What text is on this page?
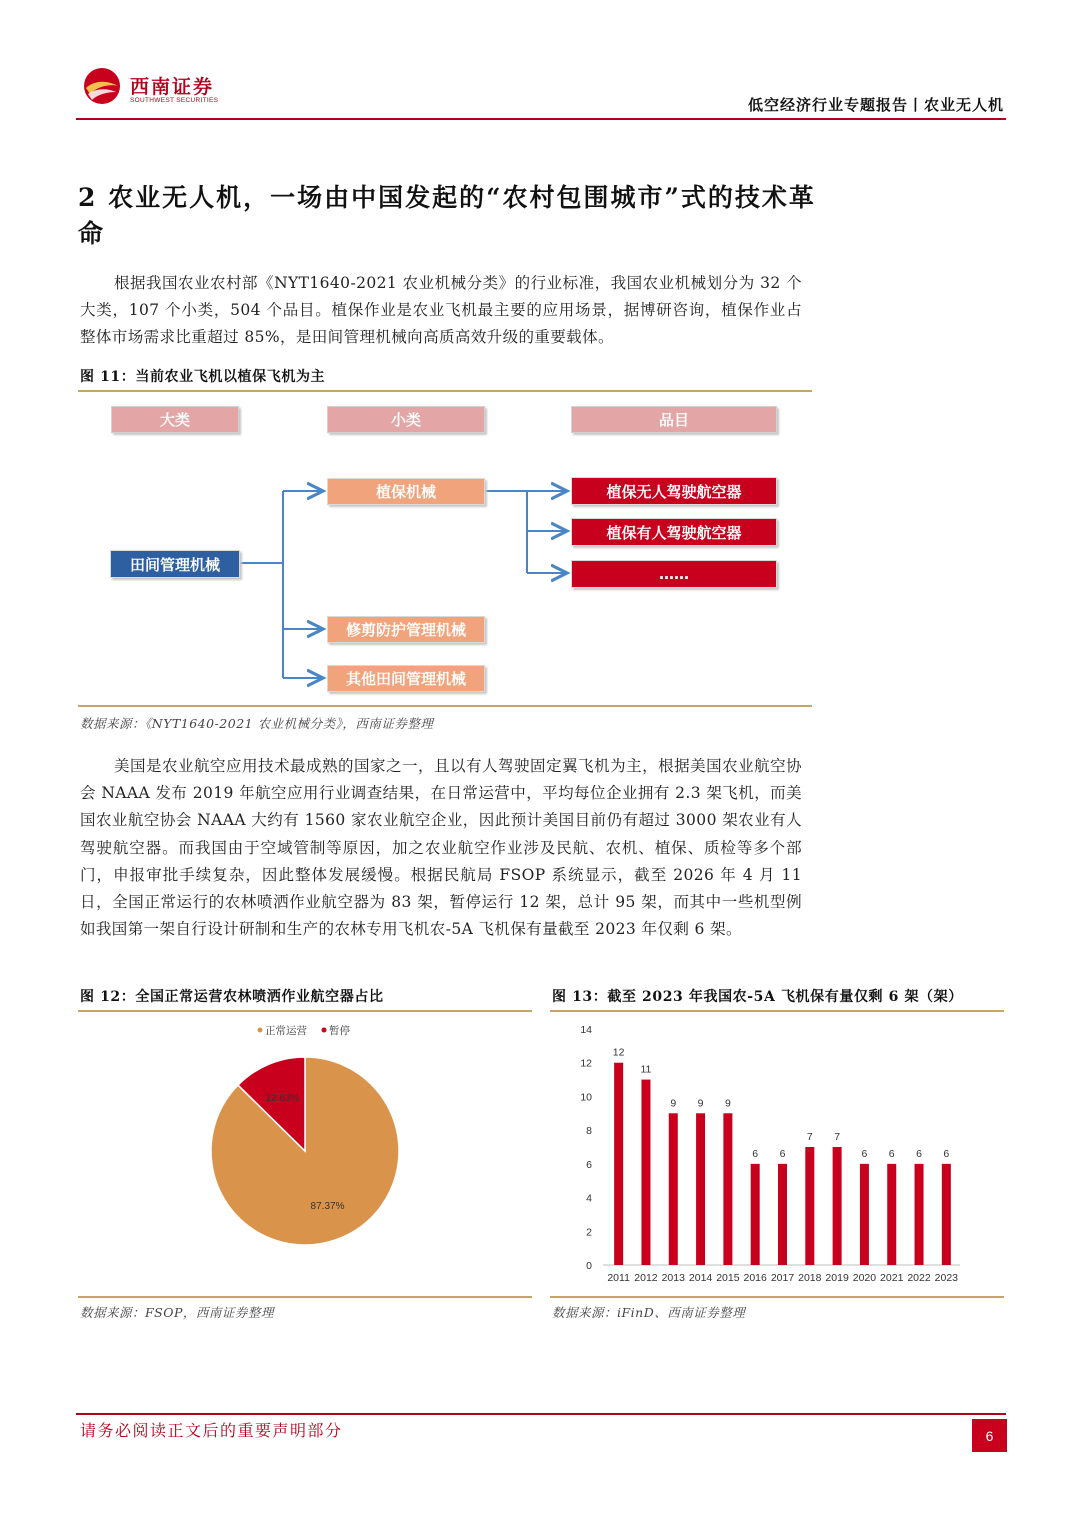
西南证券
SOUTHWEST SECURITIES	低空经济行业专题报告丨农业无人机
2 农业无人机，一场由中国发起的“农村包围城市”式的技术革命
根据我国农业农村部《NYT1640-2021 农业机械分类》的行业标准，我国农业机械划分为 32 个大类，107 个小类，504 个品目。植保作业是农业飞机最主要的应用场景，据博研咨询，植保作业占整体市场需求比重超过 85%，是田间管理机械向高质高效升级的重要载体。
图 11：当前农业飞机以植保飞机为主
大类	小类	品目
田间管理机械
植保机械
修剪防护管理机械
其他田间管理机械
植保无人驾驶航空器
植保有人驾驶航空器
……
数据来源：《NYT1640-2021 农业机械分类》，西南证券整理
美国是农业航空应用技术最成熟的国家之一，且以有人驾驶固定翼飞机为主，根据美国农业航空协会 NAAA 发布 2019 年航空应用行业调查结果，在日常运营中，平均每位企业拥有 2.3 架飞机，而美国农业航空协会 NAAA 大约有 1560 家农业航空企业，因此预计美国目前仍有超过 3000 架农业有人驾驶航空器。而我国由于空域管制等原因，加之农业航空作业涉及民航、农机、植保、质检等多个部门，申报审批手续复杂，因此整体发展缓慢。根据民航局 FSOP 系统显示，截至 2026 年 4 月 11 日，全国正常运行的农林喷洒作业航空器为 83 架，暂停运行 12 架，总计 95 架，而其中一些机型例如我国第一架自行设计研制和生产的农林专用飞机农-5A 飞机保有量截至 2023 年仅剩 6 架。
图 12：全国正常运营农林喷洒作业航空器占比
正常运营 暂停
87.37%
12.63%
数据来源：FSOP，西南证券整理
图 13：截至 2023 年我国农-5A 飞机保有量仅剩 6 架（架）
0
2
4
6
8
10
12
14
2011 2012 2013 2014 2015 2016 2017 2018 2019 2020 2021 2022 2023
12
11
9 9 9
6 6
7 7
6 6 6 6
数据来源：iFinD、西南证券整理
请务必阅读正文后的重要声明部分	6
